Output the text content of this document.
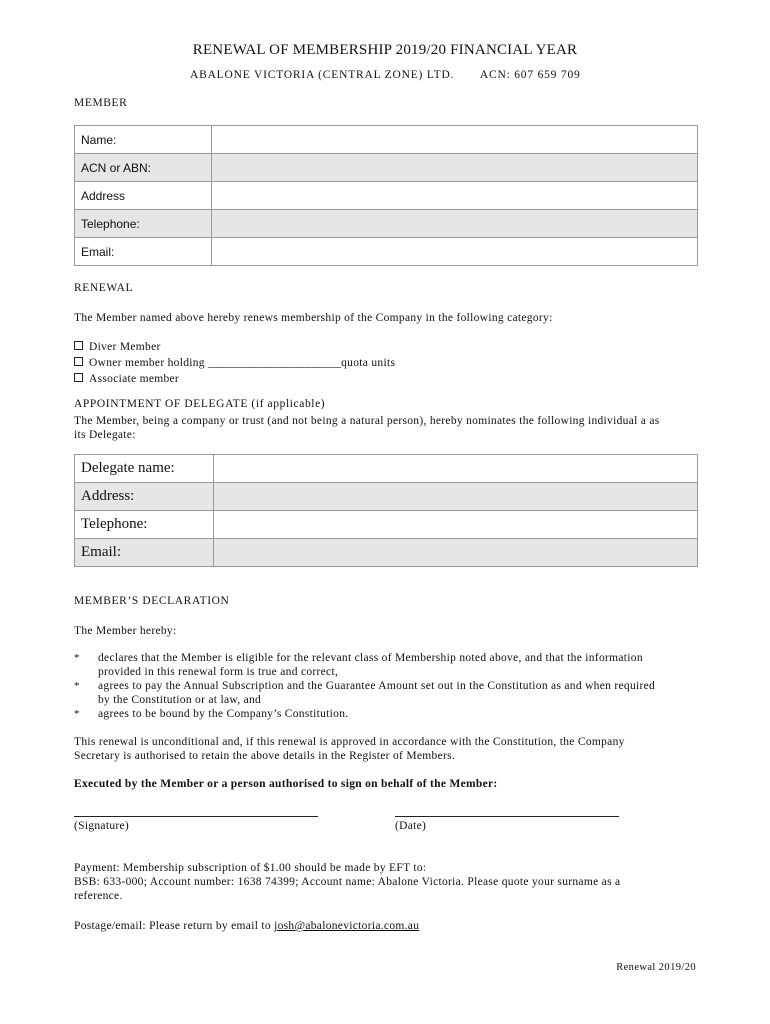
RENEWAL OF MEMBERSHIP 2019/20 FINANCIAL YEAR
ABALONE VICTORIA (CENTRAL ZONE) LTD. ACN: 607 659 709
MEMBER
Name:	
ACN or ABN:	
Address	
Telephone:	
Email:	
RENEWAL
The Member named above hereby renews membership of the Company in the following category:
Diver Member
Owner member holding ______________________quota units
Associate member
APPOINTMENT OF DELEGATE (if applicable)
The Member, being a company or trust (and not being a natural person), hereby nominates the following individual a as
its Delegate:
Delegate name:	
Address:	
Telephone:	
Email:	
MEMBER’S DECLARATION
The Member hereby:
* declares that the Member is eligible for the relevant class of Membership noted above, and that the information
provided in this renewal form is true and correct,
* agrees to pay the Annual Subscription and the Guarantee Amount set out in the Constitution as and when required
by the Constitution or at law, and
* agrees to be bound by the Company’s Constitution.
This renewal is unconditional and, if this renewal is approved in accordance with the Constitution, the Company
Secretary is authorised to retain the above details in the Register of Members.
Executed by the Member or a person authorised to sign on behalf of the Member:
(Signature)	(Date)
Payment: Membership subscription of $1.00 should be made by EFT to:
BSB: 633-000; Account number: 1638 74399; Account name: Abalone Victoria. Please quote your surname as a
reference.
Postage/email: Please return by email to josh@abalonevictoria.com.au
Renewal 2019/20
